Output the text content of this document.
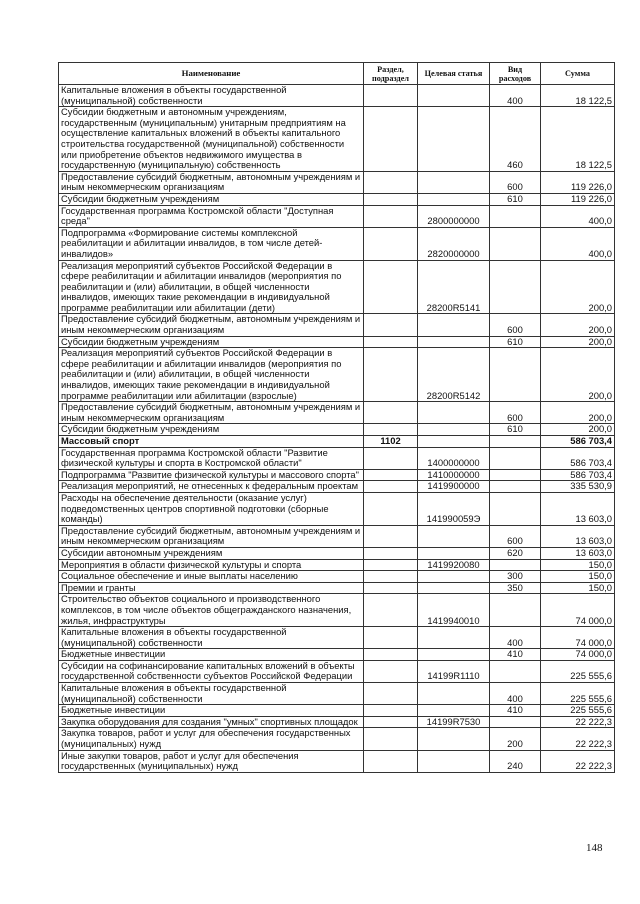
Наименование	Раздел, подраздел	Целевая статья	Вид расходов	Сумма
Капитальные вложения в объекты государственной (муниципальной) собственности			400	18 122,5
Субсидии бюджетным и автономным учреждениям, государственным (муниципальным) унитарным предприятиям на осуществление капитальных вложений в объекты капитального строительства государственной (муниципальной) собственности или приобретение объектов недвижимого имущества в государственную (муниципальную) собственность			460	18 122,5
Предоставление субсидий бюджетным, автономным учреждениям и иным некоммерческим организациям			600	119 226,0
Субсидии бюджетным учреждениям			610	119 226,0
Государственная программа Костромской области "Доступная среда"		2800000000		400,0
Подпрограмма «Формирование системы комплексной реабилитации и абилитации инвалидов, в том числе детей-инвалидов»		2820000000		400,0
Реализация мероприятий субъектов Российской Федерации в сфере реабилитации и абилитации инвалидов (мероприятия по реабилитации и (или) абилитации, в общей численности инвалидов, имеющих такие рекомендации в индивидуальной программе реабилитации или абилитации (дети)		28200R5141		200,0
Предоставление субсидий бюджетным, автономным учреждениям и иным некоммерческим организациям			600	200,0
Субсидии бюджетным учреждениям			610	200,0
Реализация мероприятий субъектов Российской Федерации в сфере реабилитации и абилитации инвалидов (мероприятия по реабилитации и (или) абилитации, в общей численности инвалидов, имеющих такие рекомендации в индивидуальной программе реабилитации или абилитации (взрослые)		28200R5142		200,0
Предоставление субсидий бюджетным, автономным учреждениям и иным некоммерческим организациям			600	200,0
Субсидии бюджетным учреждениям			610	200,0
Массовый спорт	1102			586 703,4
Государственная программа Костромской области "Развитие физической культуры и спорта в Костромской области"		1400000000		586 703,4
Подпрограмма "Развитие физической культуры и массового спорта"		1410000000		586 703,4
Реализация мероприятий, не отнесенных к федеральным проектам		1419900000		335 530,9
Расходы на обеспечение деятельности (оказание услуг) подведомственных центров спортивной подготовки (сборные команды)		141990059Э		13 603,0
Предоставление субсидий бюджетным, автономным учреждениям и иным некоммерческим организациям			600	13 603,0
Субсидии автономным учреждениям			620	13 603,0
Мероприятия в области физической культуры и спорта		1419920080		150,0
Социальное обеспечение и иные выплаты населению			300	150,0
Премии и гранты			350	150,0
Строительство объектов социального и производственного комплексов, в том числе объектов общегражданского назначения, жилья, инфраструктуры		1419940010		74 000,0
Капитальные вложения в объекты государственной (муниципальной) собственности			400	74 000,0
Бюджетные инвестиции			410	74 000,0
Субсидии на софинансирование капитальных вложений в объекты государственной собственности субъектов Российской Федерации		14199R1110		225 555,6
Капитальные вложения в объекты государственной (муниципальной) собственности			400	225 555,6
Бюджетные инвестиции			410	225 555,6
Закупка оборудования для создания "умных" спортивных площадок		14199R7530		22 222,3
Закупка товаров, работ и услуг для обеспечения государственных (муниципальных) нужд			200	22 222,3
Иные закупки товаров, работ и услуг для обеспечения государственных (муниципальных) нужд			240	22 222,3
148
